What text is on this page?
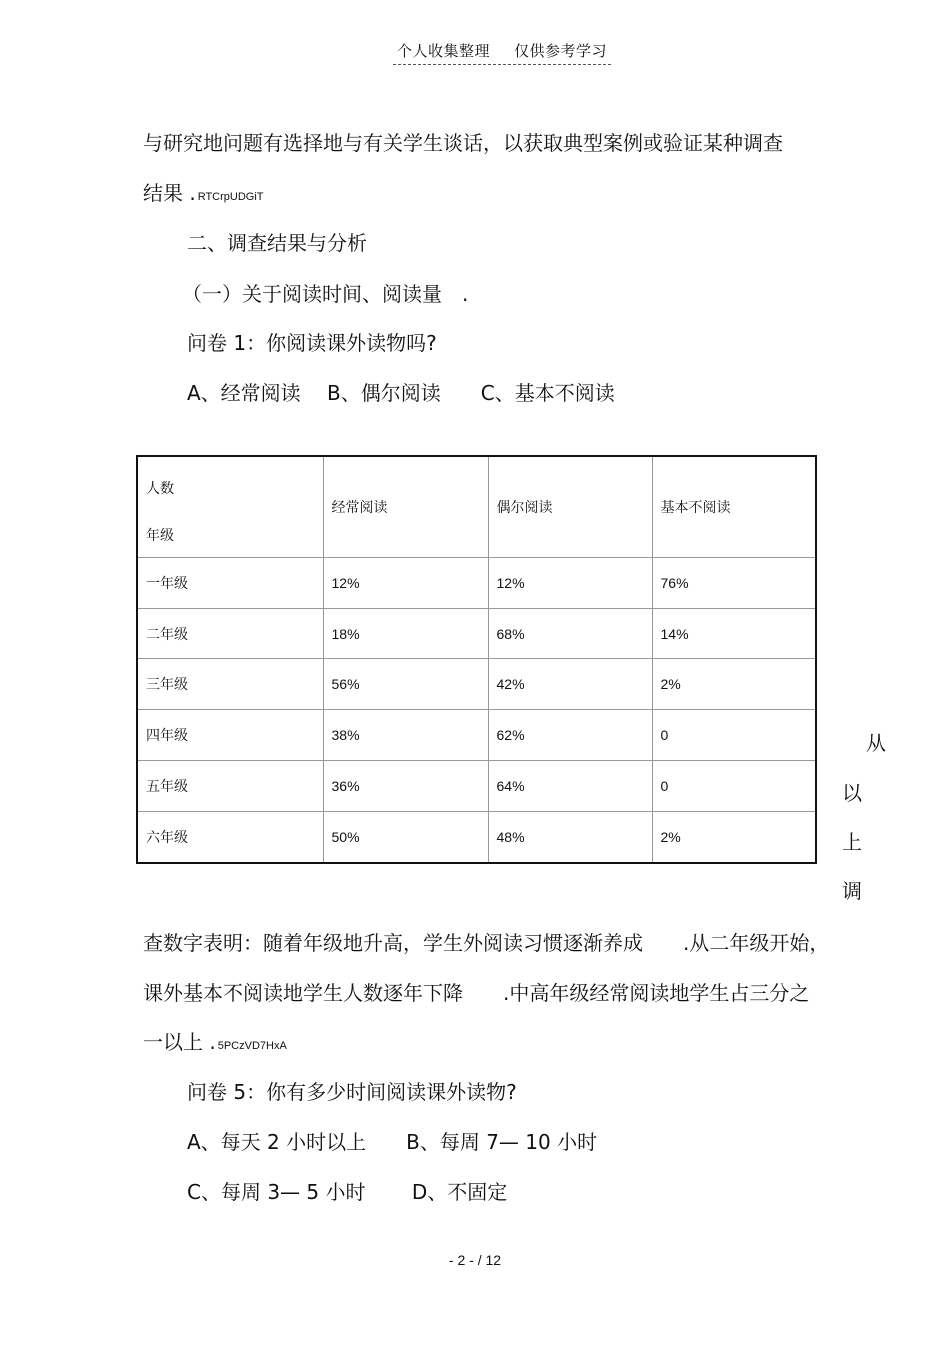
个人收集整理 仅供参考学习
与研究地问题有选择地与有关学生谈话，以获取典型案例或验证某种调查
结果 . RTCrpUDGiT
二、调查结果与分析
（一）关于阅读时间、阅读量　.
问卷 1：你阅读课外读物吗?
A、经常阅读　 B、偶尔阅读　　C、基本不阅读
人数
年级	经常阅读	偶尔阅读	基本不阅读
一年级	12%	12%	76%
二年级	18%	68%	14%
三年级	56%	42%	2%
四年级	38%	62%	0
五年级	36%	64%	0
六年级	50%	48%	2%
从
以
上
调
查数字表明：随着年级地升高，学生外阅读习惯逐渐养成　　.从二年级开始，
课外基本不阅读地学生人数逐年下降　　.中高年级经常阅读地学生占三分之
一以上 . 5PCzVD7HxA
问卷 5：你有多少时间阅读课外读物?
A、每天 2 小时以上　　B、每周 7— 10 小时
C、每周 3— 5 小时　　 D、不固定
- 2 - / 12
